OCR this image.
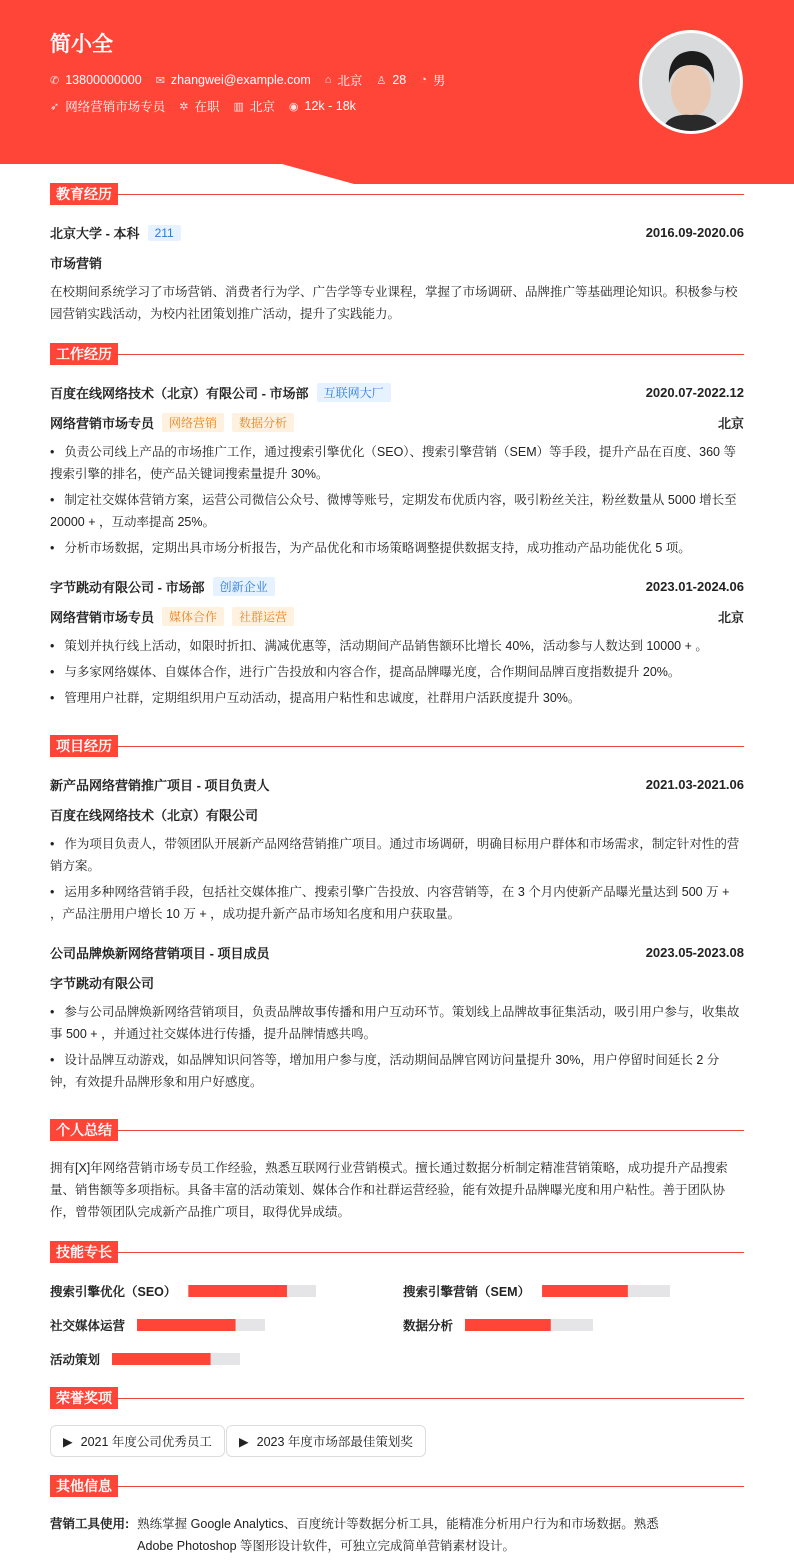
简小全
✆ 13800000000 ✉ zhangwei@example.com ⌂ 北京 ♙ 28 ◔ 男
➶ 网络营销市场专员 ✲ 在职 ▥ 北京 ◉ 12k - 18k
教育经历
北京大学 - 本科	211	2016.09-2020.06
市场营销
在校期间系统学习了市场营销、消费者行为学、广告学等专业课程，掌握了市场调研、品牌推广等基础理论知识。积极参与校园营销实践活动，为校内社团策划推广活动，提升了实践能力。
工作经历
百度在线网络技术（北京）有限公司 - 市场部	互联网大厂	2020.07-2022.12
网络营销市场专员	网络营销	数据分析	北京
• 负责公司线上产品的市场推广工作，通过搜索引擎优化（SEO）、搜索引擎营销（SEM）等手段，提升产品在百度、360 等搜索引擎的排名，使产品关键词搜索量提升 30%。
• 制定社交媒体营销方案，运营公司微信公众号、微博等账号，定期发布优质内容，吸引粉丝关注，粉丝数量从 5000 增长至 20000 + ，互动率提高 25%。
• 分析市场数据，定期出具市场分析报告，为产品优化和市场策略调整提供数据支持，成功推动产品功能优化 5 项。
字节跳动有限公司 - 市场部	创新企业	2023.01-2024.06
网络营销市场专员	媒体合作	社群运营	北京
• 策划并执行线上活动，如限时折扣、满减优惠等，活动期间产品销售额环比增长 40%，活动参与人数达到 10000 + 。
• 与多家网络媒体、自媒体合作，进行广告投放和内容合作，提高品牌曝光度，合作期间品牌百度指数提升 20%。
• 管理用户社群，定期组织用户互动活动，提高用户粘性和忠诚度，社群用户活跃度提升 30%。
项目经历
新产品网络营销推广项目 - 项目负责人	2021.03-2021.06
百度在线网络技术（北京）有限公司
• 作为项目负责人，带领团队开展新产品网络营销推广项目。通过市场调研，明确目标用户群体和市场需求，制定针对性的营销方案。
• 运用多种网络营销手段，包括社交媒体推广、搜索引擎广告投放、内容营销等，在 3 个月内使新产品曝光量达到 500 万 + ，产品注册用户增长 10 万 + ，成功提升新产品市场知名度和用户获取量。
公司品牌焕新网络营销项目 - 项目成员	2023.05-2023.08
字节跳动有限公司
• 参与公司品牌焕新网络营销项目，负责品牌故事传播和用户互动环节。策划线上品牌故事征集活动，吸引用户参与，收集故事 500 + ，并通过社交媒体进行传播，提升品牌情感共鸣。
• 设计品牌互动游戏，如品牌知识问答等，增加用户参与度，活动期间品牌官网访问量提升 30%，用户停留时间延长 2 分钟，有效提升品牌形象和用户好感度。
个人总结
拥有[X]年网络营销市场专员工作经验，熟悉互联网行业营销模式。擅长通过数据分析制定精准营销策略，成功提升产品搜索量、销售额等多项指标。具备丰富的活动策划、媒体合作和社群运营经验，能有效提升品牌曝光度和用户粘性。善于团队协作，曾带领团队完成新产品推广项目，取得优异成绩。
技能专长
搜索引擎优化（SEO）	搜索引擎营销（SEM）
社交媒体运营	数据分析
活动策划
荣誉奖项
▶ 2021 年度公司优秀员工 ▶ 2023 年度市场部最佳策划奖
其他信息
营销工具使用: 熟练掌握 Google Analytics、百度统计等数据分析工具，能精准分析用户行为和市场数据。熟悉 Adobe Photoshop 等图形设计软件，可独立完成简单营销素材设计。
